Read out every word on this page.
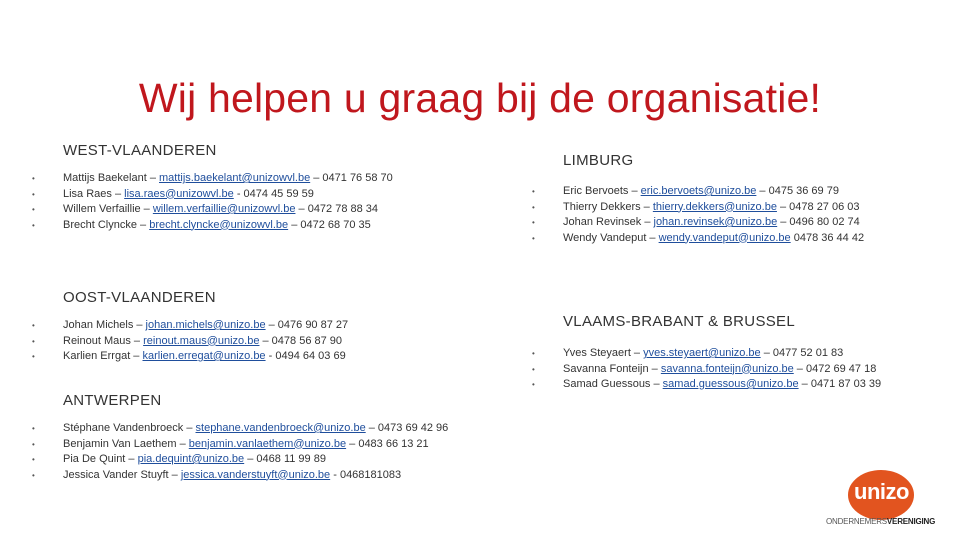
Wij helpen u graag bij de organisatie!
WEST-VLAANDEREN
•	Mattijs Baekelant – mattijs.baekelant@unizowvl.be – 0471 76 58 70
•	Lisa Raes – lisa.raes@unizowvl.be - 0474 45 59 59
•	Willem Verfaillie – willem.verfaillie@unizowvl.be – 0472 78 88 34
•	Brecht Clyncke – brecht.clyncke@unizowvl.be – 0472 68 70 35
OOST-VLAANDEREN
•	Johan Michels – johan.michels@unizo.be – 0476 90 87 27
•	Reinout Maus – reinout.maus@unizo.be – 0478 56 87 90
•	Karlien Errgat – karlien.erregat@unizo.be - 0494 64 03 69
ANTWERPEN
•	Stéphane Vandenbroeck – stephane.vandenbroeck@unizo.be – 0473 69 42 96
•	Benjamin Van Laethem – benjamin.vanlaethem@unizo.be – 0483 66 13 21
•	Pia De Quint – pia.dequint@unizo.be – 0468 11 99 89
•	Jessica Vander Stuyft – jessica.vanderstuyft@unizo.be - 0468181083
LIMBURG
•	Eric Bervoets – eric.bervoets@unizo.be – 0475 36 69 79
•	Thierry Dekkers – thierry.dekkers@unizo.be – 0478 27 06 03
•	Johan Revinsek – johan.revinsek@unizo.be – 0496 80 02 74
•	Wendy Vandeput – wendy.vandeput@unizo.be 0478 36 44 42
VLAAMS-BRABANT & BRUSSEL
•	Yves Steyaert – yves.steyaert@unizo.be – 0477 52 01 83
•	Savanna Fonteijn – savanna.fonteijn@unizo.be – 0472 69 47 18
•	Samad Guessous – samad.guessous@unizo.be – 0471 87 03 39
unizo
ONDERNEMERSVERENIGING
